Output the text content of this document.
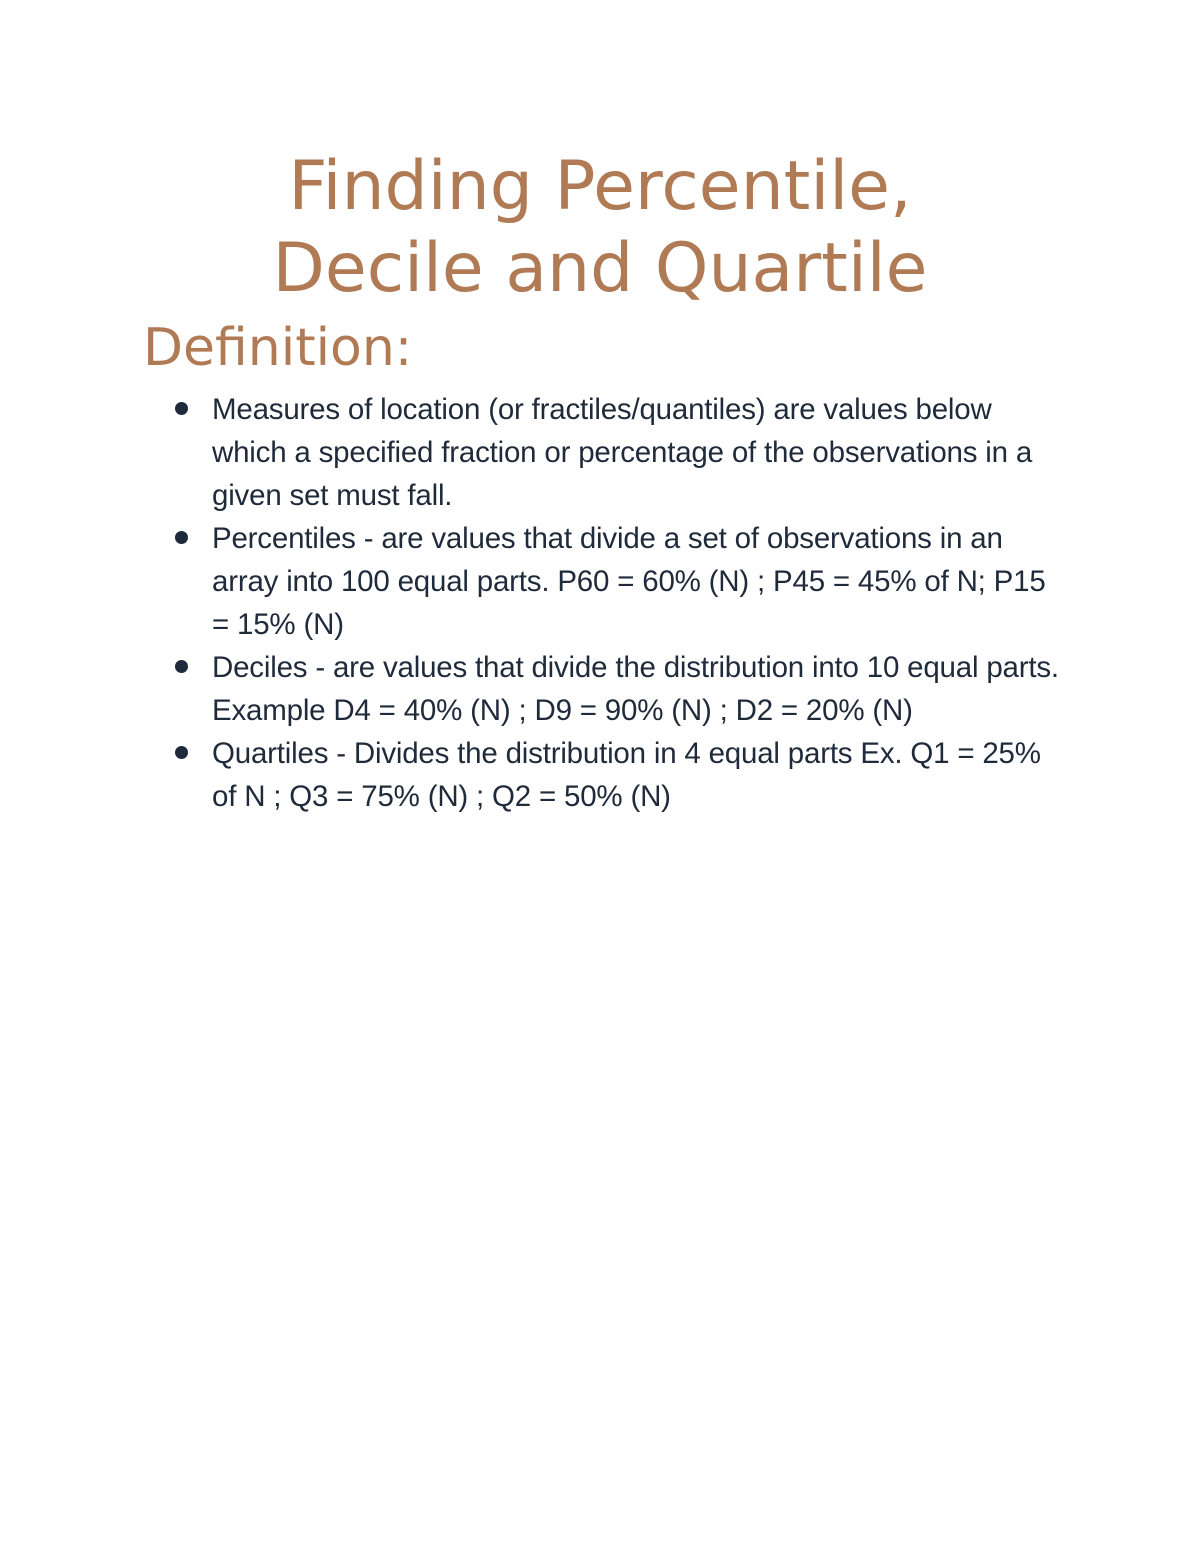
Finding Percentile,
Decile and Quartile
Definition:
Measures of location (or fractiles/quantiles) are values below which a specified fraction or percentage of the observations in a given set must fall.
Percentiles - are values that divide a set of observations in an array into 100 equal parts. P60 = 60% (N) ; P45 = 45% of N; P15 = 15% (N)
Deciles - are values that divide the distribution into 10 equal parts. Example D4 = 40% (N) ; D9 = 90% (N) ; D2 = 20% (N)
Quartiles - Divides the distribution in 4 equal parts Ex. Q1 = 25% of N ; Q3 = 75% (N) ; Q2 = 50% (N)
